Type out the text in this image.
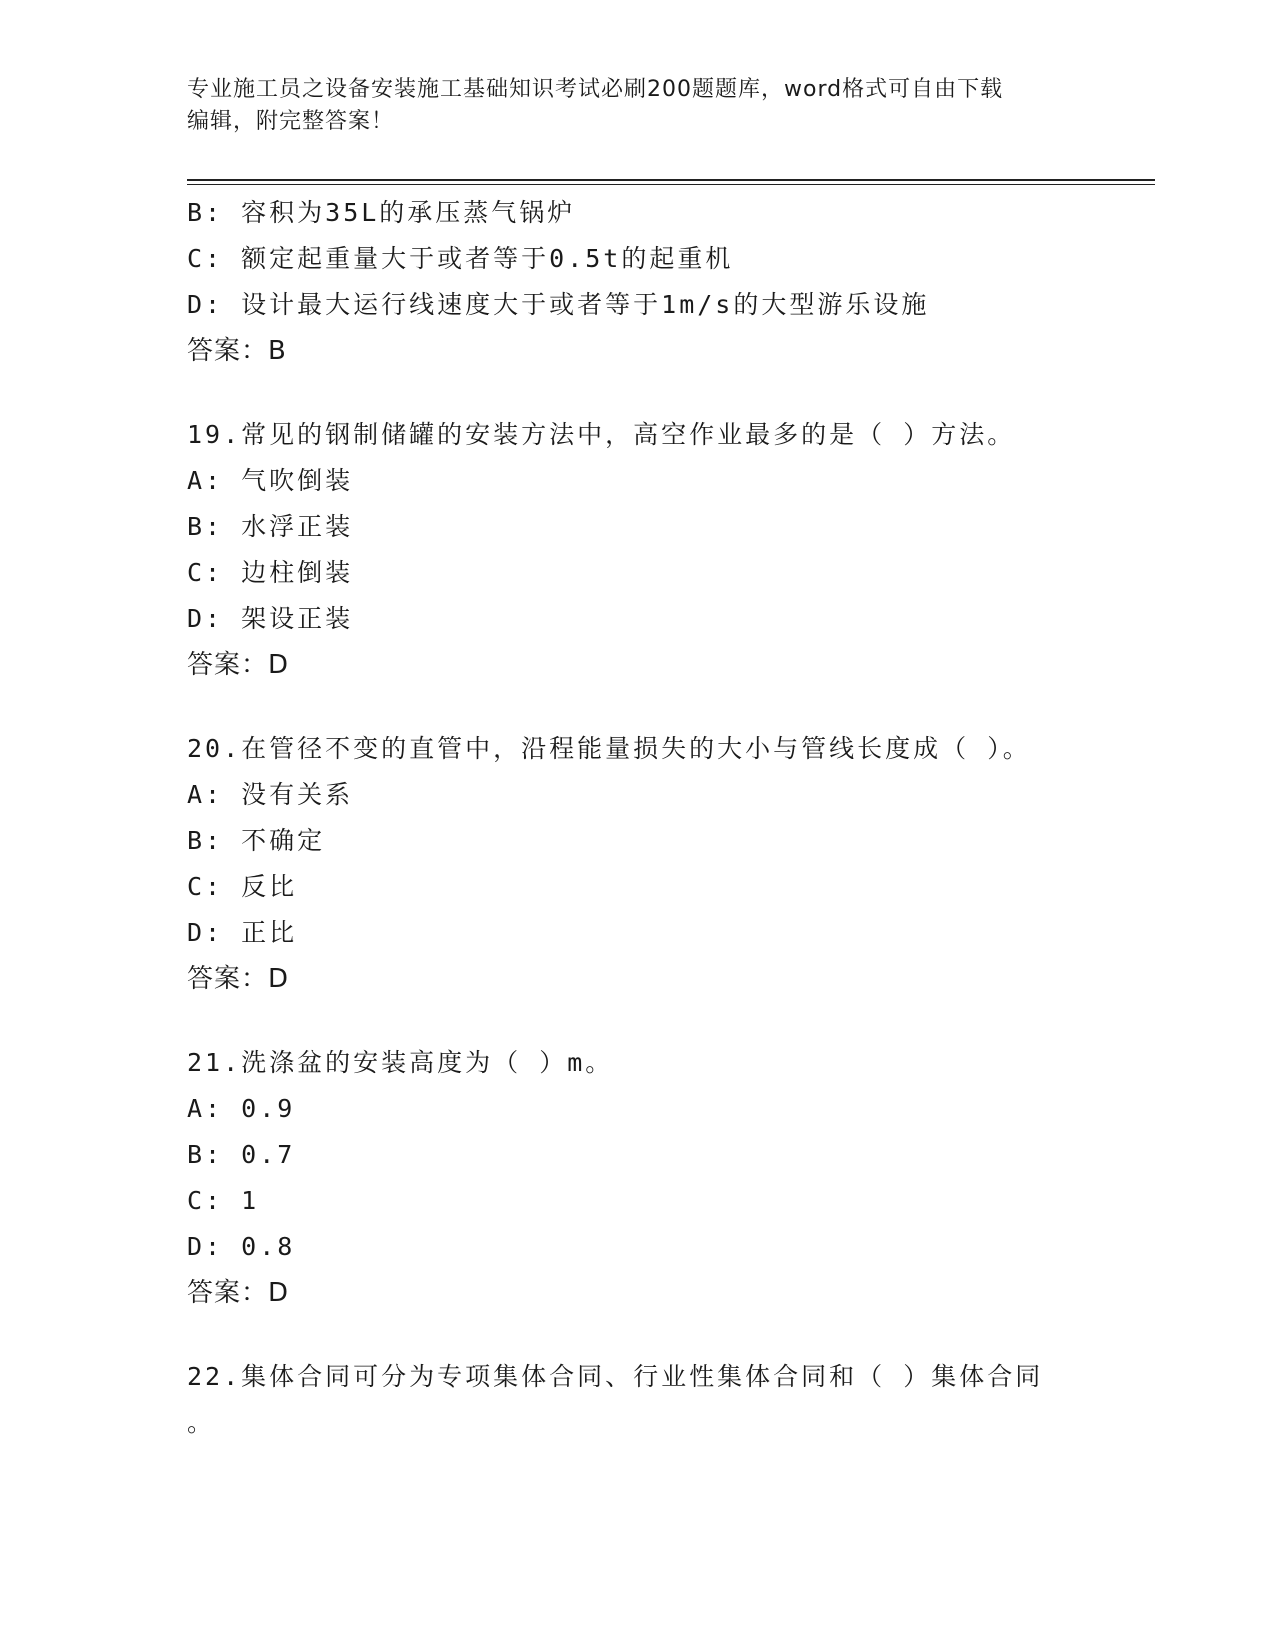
专业施工员之设备安装施工基础知识考试必刷200题题库，word格式可自由下载
编辑，附完整答案！
B: 容积为35L的承压蒸气锅炉
C: 额定起重量大于或者等于0.5t的起重机
D: 设计最大运行线速度大于或者等于1m/s的大型游乐设施
答案：B
19.常见的钢制储罐的安装方法中，高空作业最多的是（ ）方法。
A: 气吹倒装
B: 水浮正装
C: 边柱倒装
D: 架设正装
答案：D
20.在管径不变的直管中，沿程能量损失的大小与管线长度成（ ）。
A: 没有关系
B: 不确定
C: 反比
D: 正比
答案：D
21.洗涤盆的安装高度为（ ）m。
A: 0.9
B: 0.7
C: 1
D: 0.8
答案：D
22.集体合同可分为专项集体合同、行业性集体合同和（ ）集体合同
。
